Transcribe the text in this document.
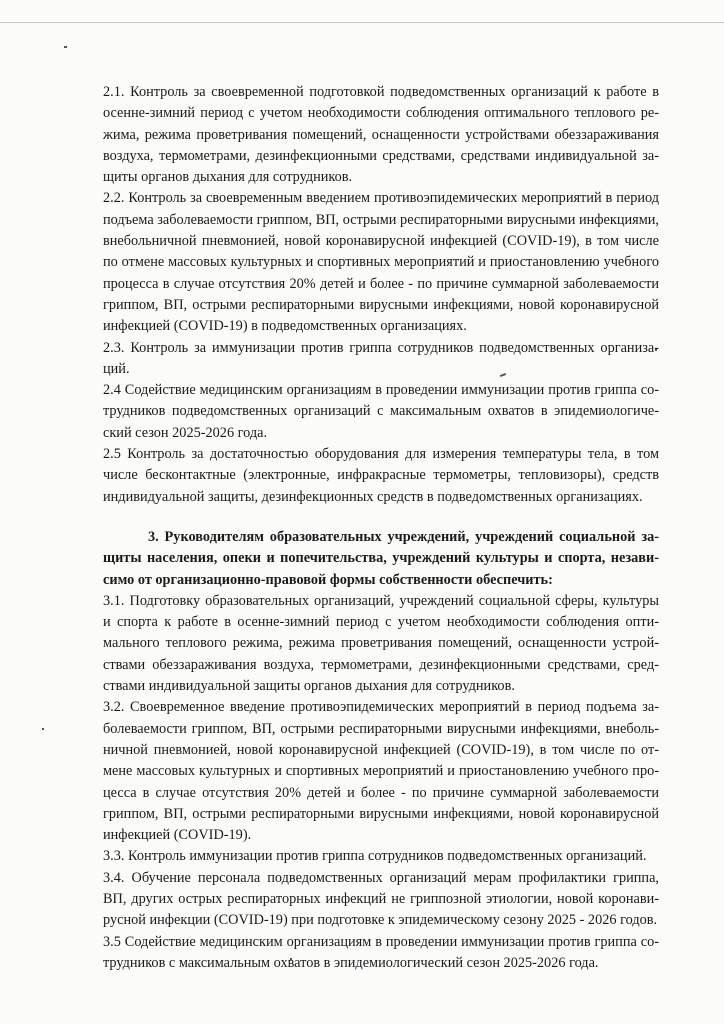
2.1. Контроль за своевременной подготовкой подведомственных организаций к работе в
осенне-зимний период с учетом необходимости соблюдения оптимального теплового ре-
жима, режима проветривания помещений, оснащенности устройствами обеззараживания
воздуха, термометрами, дезинфекционными средствами, средствами индивидуальной за-
щиты органов дыхания для сотрудников.
2.2. Контроль за своевременным введением противоэпидемических мероприятий в период
подъема заболеваемости гриппом, ВП, острыми респираторными вирусными инфекциями,
внебольничной пневмонией, новой коронавирусной инфекцией (COVID-19), в том числе
по отмене массовых культурных и спортивных мероприятий и приостановлению учебного
процесса в случае отсутствия 20% детей и более - по причине суммарной заболеваемости
гриппом, ВП, острыми респираторными вирусными инфекциями, новой коронавирусной
инфекцией (COVID-19) в подведомственных организациях.
2.3. Контроль за иммунизации против гриппа сотрудников подведомственных организа-
ций.
2.4 Содействие медицинским организациям в проведении иммунизации против гриппа со-
трудников подведомственных организаций с максимальным охватов в эпидемиологиче-
ский сезон 2025-2026 года.
2.5 Контроль за достаточностью оборудования для измерения температуры тела, в том
числе бесконтактные (электронные, инфракрасные термометры, тепловизоры), средств
индивидуальной защиты, дезинфекционных средств в подведомственных организациях.
3. Руководителям образовательных учреждений, учреждений социальной за-
щиты населения, опеки и попечительства, учреждений культуры и спорта, незави-
симо от организационно-правовой формы собственности обеспечить:
3.1. Подготовку образовательных организаций, учреждений социальной сферы, культуры
и спорта к работе в осенне-зимний период с учетом необходимости соблюдения опти-
мального теплового режима, режима проветривания помещений, оснащенности устрой-
ствами обеззараживания воздуха, термометрами, дезинфекционными средствами, сред-
ствами индивидуальной защиты органов дыхания для сотрудников.
3.2. Своевременное введение противоэпидемических мероприятий в период подъема за-
болеваемости гриппом, ВП, острыми респираторными вирусными инфекциями, внеболь-
ничной пневмонией, новой коронавирусной инфекцией (COVID-19), в том числе по от-
мене массовых культурных и спортивных мероприятий и приостановлению учебного про-
цесса в случае отсутствия 20% детей и более - по причине суммарной заболеваемости
гриппом, ВП, острыми респираторными вирусными инфекциями, новой коронавирусной
инфекцией (COVID-19).
3.3. Контроль иммунизации против гриппа сотрудников подведомственных организаций.
3.4. Обучение персонала подведомственных организаций мерам профилактики гриппа,
ВП, других острых респираторных инфекций не гриппозной этиологии, новой коронави-
русной инфекции (COVID-19) при подготовке к эпидемическому сезону 2025 - 2026 годов.
3.5 Содействие медицинским организациям в проведении иммунизации против гриппа со-
трудников с максимальным охватов в эпидемиологический сезон 2025-2026 года.
